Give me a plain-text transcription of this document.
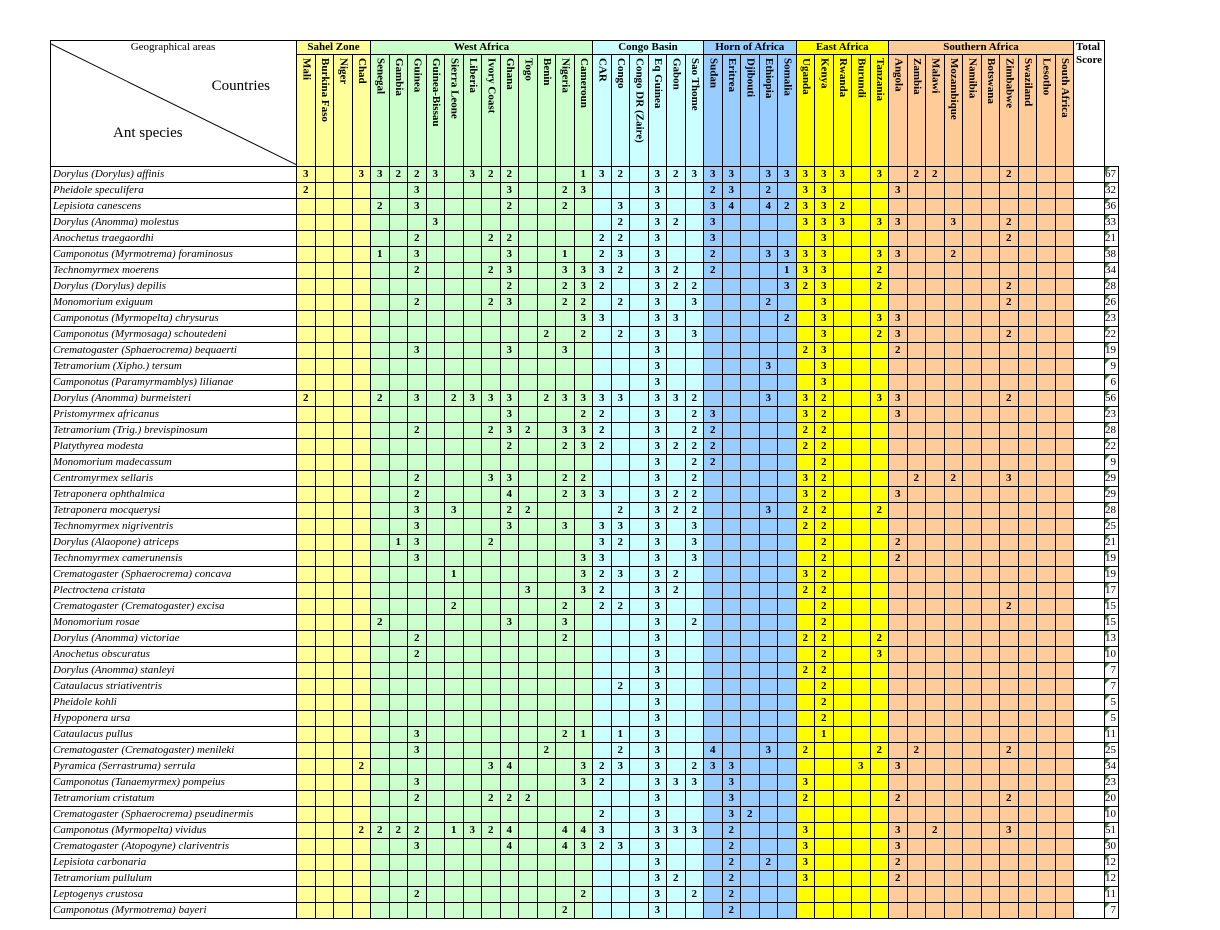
Countries
Ant species	Sahel Zone				West Africa												Congo Basin						Horn of Africa					East Africa					Southern Africa										Total Score	

	Mali	Burkina Faso	Niger	Chad	Senegal	Gambia	Guinea	Guinea-Bissau	Sierra Leone	Liberia	Ivory Coast	Ghana	Togo	Benin	Nigeria	Cameroun	CAR	Congo	Congo DR (Zaire)	Eq Guinea	Gabon	Sao Thome	Sudan	Eritrea	Djibouti	Ethiopia	Somalia	Uganda	Kenya	Rwanda	Burundi	Tanzania	Angola	Zambia	Malawi	Mozambique	Namibia	Botswana	Zimbabwe	Swaziland	Lesotho	South Africa		

Dorylus (Dorylus) affinis	3			3	3	2	2	3		3	2	2				1	3	2		3	2	3	3	3		3	3	3	3	3		3		2	2				2					67
Pheidole speculifera	2						3					3			2	3				3			2	3		2		3	3				3											32
Lepisiota canescens					2		3					2			2			3		3			3	4		4	2	3	3	2														36
Dorylus (Anomma) molestus								3										2		3	2		3					3	3	3		3	3			3			2					33
Anochetus traegaordhi							2				2	2					2	2		3			3						3										2					21
Camponotus (Myrmotrema) foraminosus					1		3					3			1		2	3		3			2			3	3	3	3			3	3			2								38
Technomyrmex moerens							2				2	3			3	3	3	2		3	2		2				1	3	3			2												34
Dorylus (Dorylus) depilis												2			2	3	2			3	2	2					3	2	3			2							2					28
Monomorium exiguum							2				2	3			2	2		2		3		3				2			3										2					26
Camponotus (Myrmopelta) chrysurus																3	3			3	3						2		3			3	3											23
Camponotus (Myrmosaga) schoutedeni														2		2		2		3		3							3			2	3						2					22
Crematogaster (Sphaerocrema) bequaerti							3					3			3					3								2	3				2											19
Tetramorium (Xipho.) tersum																				3						3			3															9
Camponotus (Paramyrmamblys) lilianae																				3									3															6
Dorylus (Anomma) burmeisteri	2				2		3		2	3	3	3		2	3	3	3	3		3	3	2				3		3	2			3	3						2					56
Pristomyrmex africanus												3				2	2			3		2	3					3	2				3											23
Tetramorium (Trig.) brevispinosum							2				2	3	2		3	3	2			3		2	2					2	2															28
Platythyrea modesta												2			2	3	2			3	2	2	2					2	2															22
Monomorium madecassum																				3		2	2						2															9
Centromyrmex sellaris							2				3	3			2	2				3		2						3	2					2		2			3					29
Tetraponera ophthalmica							2					4			2	3	3			3	2	2						3	2				3											29
Tetraponera mocquerysi							3		3			2	2					2		3	2	2				3		2	2			2												28
Technomyrmex nigriventris							3					3			3		3	3		3		3						2	2															25
Dorylus (Alaopone) atriceps						1	3				2						3	2		3		3							2				2											21
Technomyrmex camerunensis							3									3	3			3		3							2				2											19
Crematogaster (Sphaerocrema) concava									1							3	2	3		3	2							3	2															19
Plectroctena cristata													3			3	2			3	2							2	2															17
Crematogaster (Crematogaster) excisa									2						2		2	2		3									2										2					15
Monomorium rosae					2							3			3					3		2							2															15
Dorylus (Anomma) victoriae							2								2					3								2	2			2												13
Anochetus obscuratus							2													3									2			3												10
Dorylus (Anomma) stanleyi																				3								2	2															7
Cataulacus striativentris																		2		3									2															7
Pheidole kohli																				3									2															5
Hypoponera ursa																				3									2															5
Cataulacus pullus							3								2	1		1		3									1															11
Crematogaster (Crematogaster) menileki							3							2				2		3			4			3		2				2		2					2					25
Pyramica (Serrastruma) serrula				2							3	4				3	2	3		3		2	3	3							3		3											34
Camponotus (Tanaemyrmex) pompeius							3									3	2			3	3	3		3				3																23
Tetramorium cristatum							2				2	2	2							3				3				2					2						2					20
Crematogaster (Sphaerocrema) pseudinermis																	2			3				3	2																			10
Camponotus (Myrmopelta) vividus				2	2	2	2		1	3	2	4			4	4	3			3	3	3		2				3					3		2				3					51
Crematogaster (Atopogyne) clariventris							3					4			4	3	2	3		3				2				3					3											30
Lepisiota carbonaria																				3				2		2		3					2											12
Tetramorium pullulum																				3	2			2				3					2											12
Leptogenys crustosa							2									2				3		2		2																				11
Camponotus (Myrmotrema) bayeri															2					3				2																				7
Geographical areas
